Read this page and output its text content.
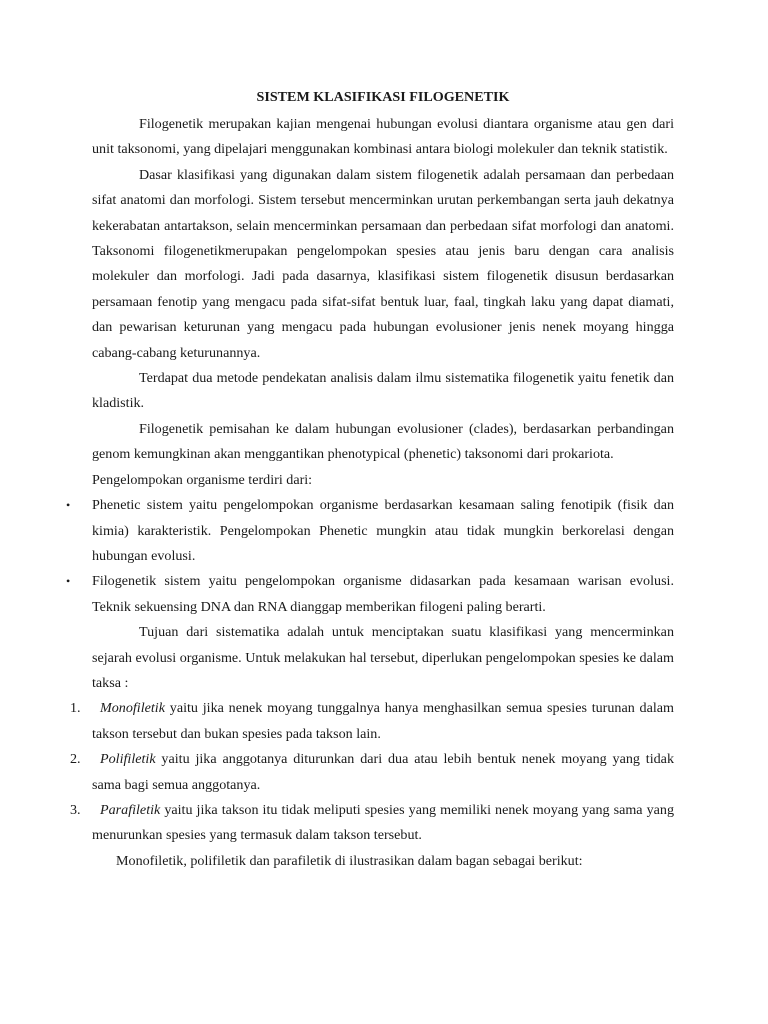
SISTEM KLASIFIKASI FILOGENETIK

Filogenetik merupakan kajian mengenai hubungan evolusi diantara organisme atau gen dari unit taksonomi, yang dipelajari menggunakan kombinasi antara biologi molekuler dan teknik statistik.

Dasar klasifikasi yang digunakan dalam sistem filogenetik adalah persamaan dan perbedaan sifat anatomi dan morfologi. Sistem tersebut mencerminkan urutan perkembangan serta jauh dekatnya kekerabatan antartakson, selain mencerminkan persamaan dan perbedaan sifat morfologi dan anatomi. Taksonomi filogenetikmerupakan pengelompokan spesies atau jenis baru dengan cara analisis molekuler dan morfologi. Jadi pada dasarnya, klasifikasi sistem filogenetik disusun berdasarkan persamaan fenotip yang mengacu pada sifat-sifat bentuk luar, faal, tingkah laku yang dapat diamati, dan pewarisan keturunan yang mengacu pada hubungan evolusioner jenis nenek moyang hingga cabang-cabang keturunannya.

Terdapat dua metode pendekatan analisis dalam ilmu sistematika filogenetik yaitu fenetik dan kladistik.

Filogenetik pemisahan ke dalam hubungan evolusioner (clades), berdasarkan perbandingan genom kemungkinan akan menggantikan phenotypical (phenetic) taksonomi dari prokariota.

Pengelompokan organisme terdiri dari:

• Phenetic sistem yaitu pengelompokan organisme berdasarkan kesamaan saling fenotipik (fisik dan kimia) karakteristik. Pengelompokan Phenetic mungkin atau tidak mungkin berkorelasi dengan hubungan evolusi.
• Filogenetik sistem yaitu pengelompokan organisme didasarkan pada kesamaan warisan evolusi. Teknik sekuensing DNA dan RNA dianggap memberikan filogeni paling berarti.

Tujuan dari sistematika adalah untuk menciptakan suatu klasifikasi yang mencerminkan sejarah evolusi organisme. Untuk melakukan hal tersebut, diperlukan pengelompokan spesies ke dalam taksa :

1. Monofiletik yaitu jika nenek moyang tunggalnya hanya menghasilkan semua spesies turunan dalam takson tersebut dan bukan spesies pada takson lain.
2. Polifiletik yaitu jika anggotanya diturunkan dari dua atau lebih bentuk nenek moyang yang tidak sama bagi semua anggotanya.
3. Parafiletik yaitu jika takson itu tidak meliputi spesies yang memiliki nenek moyang yang sama yang menurunkan spesies yang termasuk dalam takson tersebut.

Monofiletik, polifiletik dan parafiletik di ilustrasikan dalam bagan sebagai berikut:
